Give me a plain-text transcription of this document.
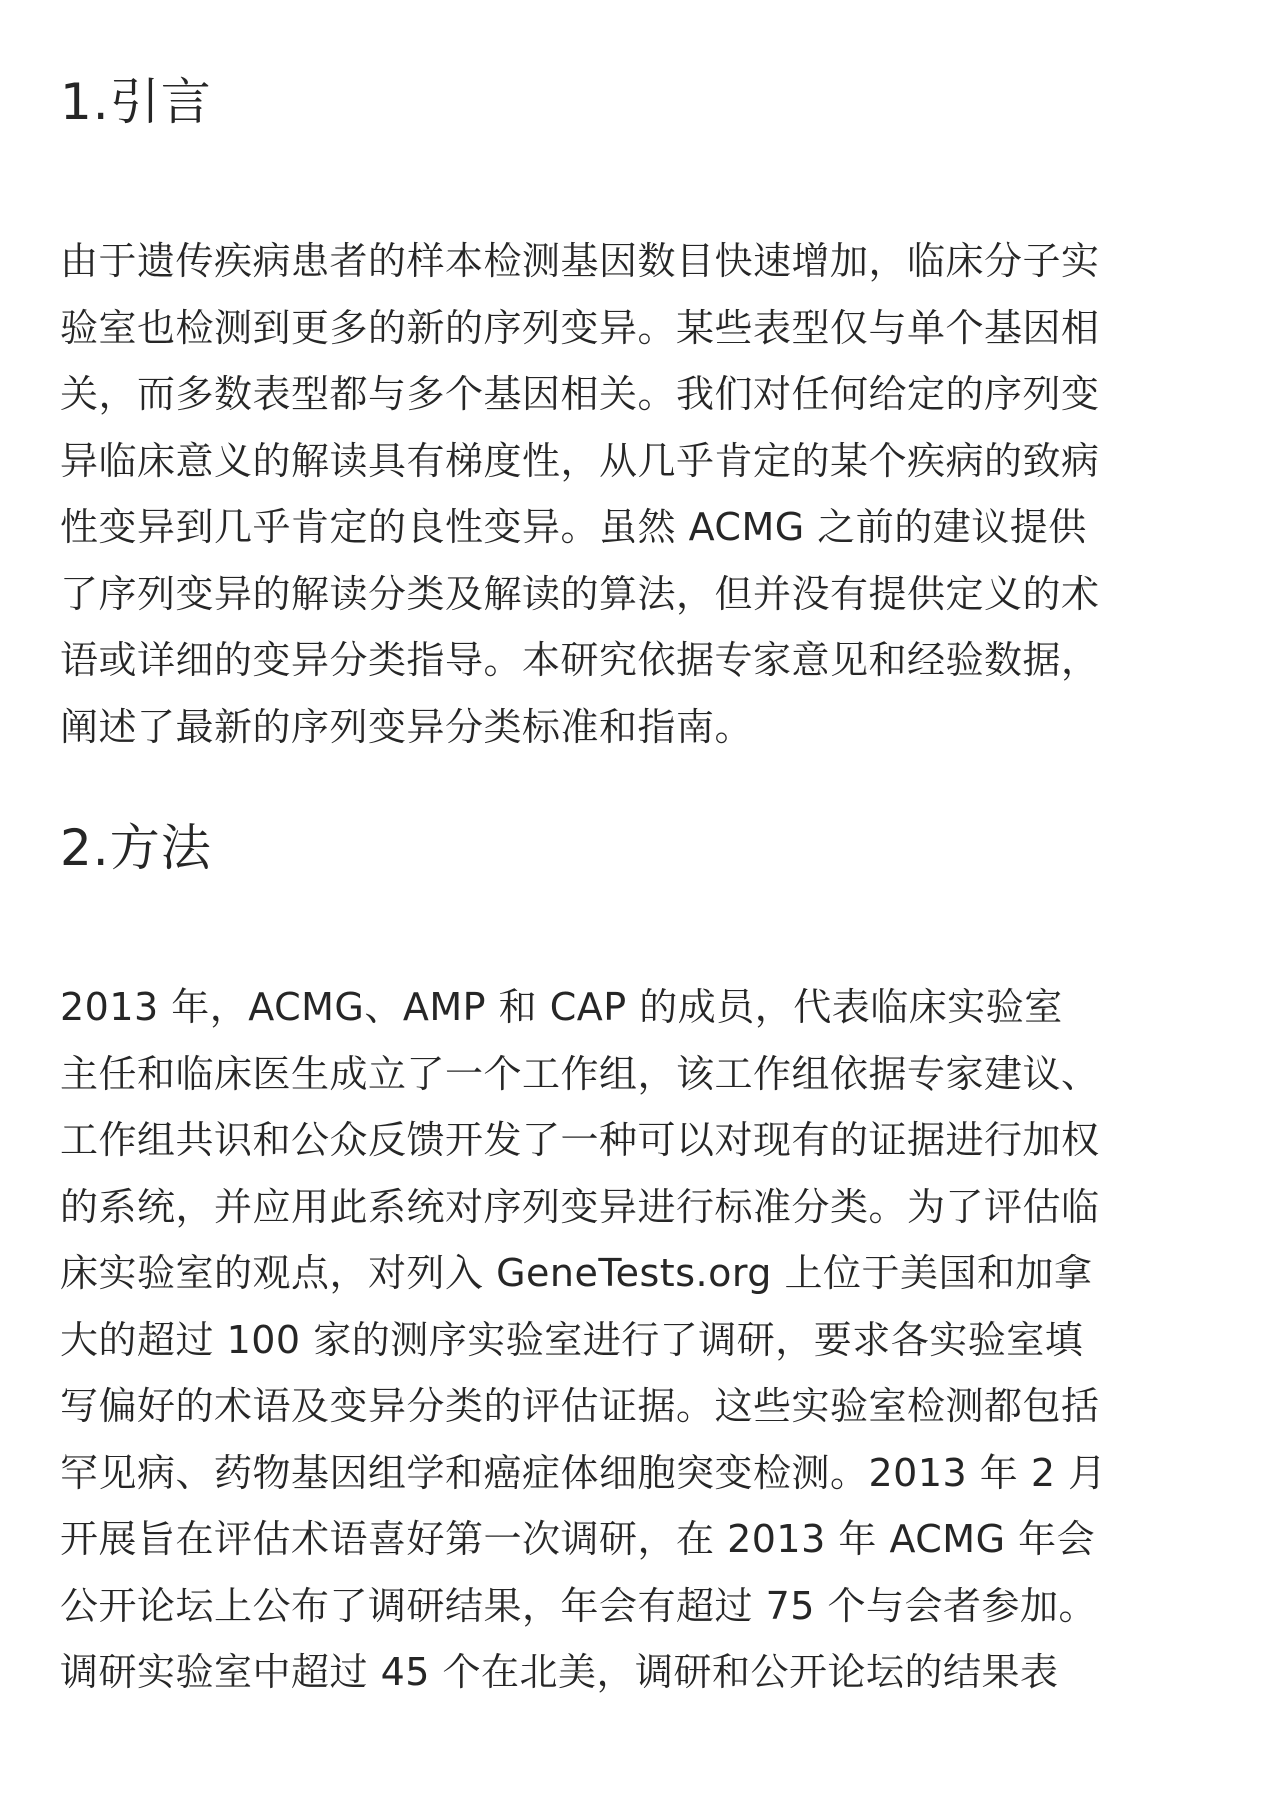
1.引言
由于遗传疾病患者的样本检测基因数目快速增加，临床分子实
验室也检测到更多的新的序列变异。某些表型仅与单个基因相
关，而多数表型都与多个基因相关。我们对任何给定的序列变
异临床意义的解读具有梯度性，从几乎肯定的某个疾病的致病
性变异到几乎肯定的良性变异。虽然 ACMG 之前的建议提供
了序列变异的解读分类及解读的算法，但并没有提供定义的术
语或详细的变异分类指导。本研究依据专家意见和经验数据，
阐述了最新的序列变异分类标准和指南。
2.方法
2013 年，ACMG、AMP 和 CAP 的成员，代表临床实验室
主任和临床医生成立了一个工作组，该工作组依据专家建议、
工作组共识和公众反馈开发了一种可以对现有的证据进行加权
的系统，并应用此系统对序列变异进行标准分类。为了评估临
床实验室的观点，对列入 GeneTests.org 上位于美国和加拿
大的超过 100 家的测序实验室进行了调研，要求各实验室填
写偏好的术语及变异分类的评估证据。这些实验室检测都包括
罕见病、药物基因组学和癌症体细胞突变检测。2013 年 2 月
开展旨在评估术语喜好第一次调研，在 2013 年 ACMG 年会
公开论坛上公布了调研结果，年会有超过 75 个与会者参加。
调研实验室中超过 45 个在北美，调研和公开论坛的结果表
